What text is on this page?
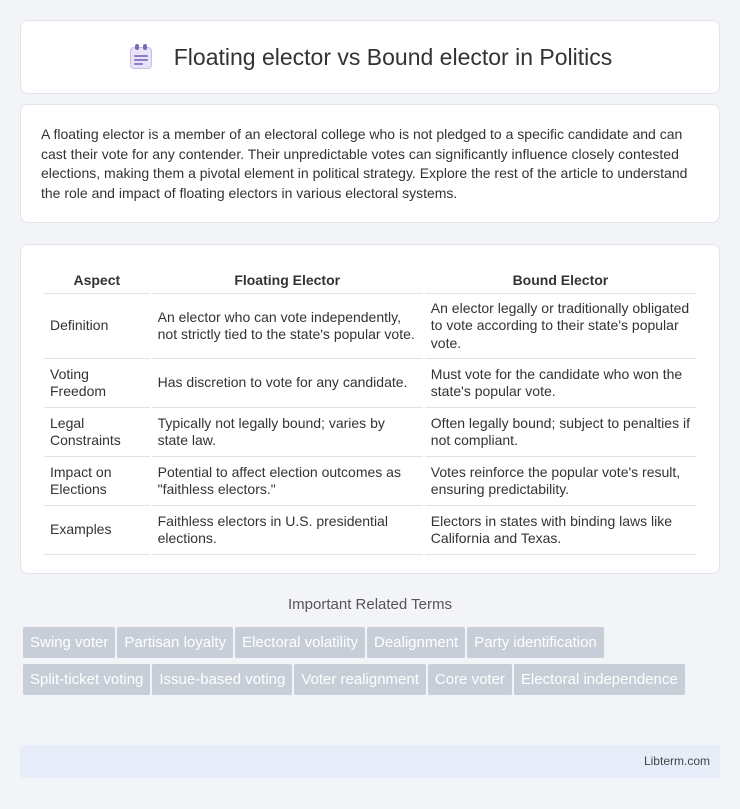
Floating elector vs Bound elector in Politics

A floating elector is a member of an electoral college who is not pledged to a specific candidate and can cast their vote for any contender. Their unpredictable votes can significantly influence closely contested elections, making them a pivotal element in political strategy. Explore the rest of the article to understand the role and impact of floating electors in various electoral systems.

Aspect	Floating Elector	Bound Elector
Definition	An elector who can vote independently, not strictly tied to the state's popular vote.	An elector legally or traditionally obligated to vote according to their state's popular vote.
Voting Freedom	Has discretion to vote for any candidate.	Must vote for the candidate who won the state's popular vote.
Legal Constraints	Typically not legally bound; varies by state law.	Often legally bound; subject to penalties if not compliant.
Impact on Elections	Potential to affect election outcomes as "faithless electors."	Votes reinforce the popular vote's result, ensuring predictability.
Examples	Faithless electors in U.S. presidential elections.	Electors in states with binding laws like California and Texas.
Important Related Terms
Swing voter Partisan loyalty Electoral volatility Dealignment Party identificationSplit-ticket voting Issue-based voting Voter realignment Core voter Electoral independence
Libterm.com
